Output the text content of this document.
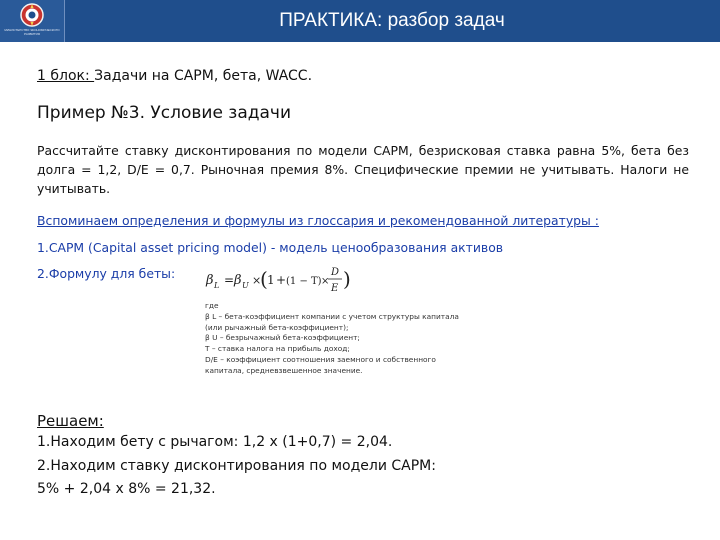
МИНИСТЕРСТВО ЭКОНОМИЧЕСКОГО РАЗВИТИЯ
ПРАКТИКА: разбор задач
1 блок: Задачи на CAPM, бета, WACC.
Пример №3. Условие задачи
Рассчитайте ставку дисконтирования по модели CAPM, безрисковая ставка равна 5%, бета без долга = 1,2, D/E = 0,7. Рыночная премия 8%. Специфические премии не учитывать. Налоги не учитывать.
Вспоминаем определения и формулы из глоссария и рекомендованной литературы :
1.CAPM (Capital asset pricing model) - модель ценообразования активов
2.Формулу для беты: β L = β U ×
( 1 + (1 − T) ×
D
E )
где
β L – бета-коэффициент компании с учетом структуры капитала
(или рычажный бета-коэффициент);
β U – безрычажный бета-коэффициент;
T – ставка налога на прибыль доход;
D/E – коэффициент соотношения заемного и собственного
капитала, средневзвешенное значение.
Решаем:
1.Находим бету с рычагом: 1,2 х (1+0,7) = 2,04.
2.Находим ставку дисконтирования по модели CAPM:
5% + 2,04 х 8% = 21,32.
